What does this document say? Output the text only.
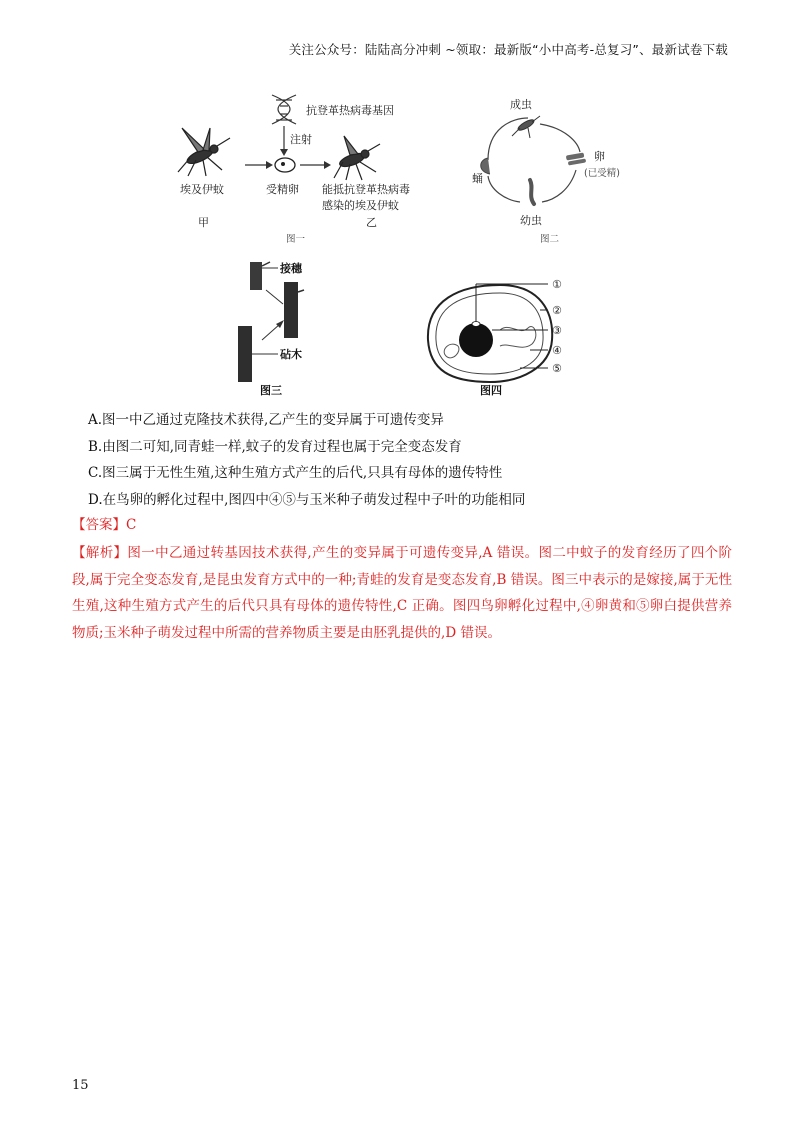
关注公众号：陆陆高分冲刺 ~领取：最新版“小中高考-总复习”、最新试卷下载
抗登革热病毒基因
注射
埃及伊蚊	受精卵 能抵抗登革热病毒
感染的埃及伊蚊
甲	乙
图一
成虫
卵
(已受精)
幼虫
蛹
图二
接穗
砧木
图三
①
②
③
④
⑤
图四

A.图一中乙通过克隆技术获得,乙产生的变异属于可遗传变异

B.由图二可知,同青蛙一样,蚊子的发育过程也属于完全变态发育

C.图三属于无性生殖,这种生殖方式产生的后代,只具有母体的遗传特性

D.在鸟卵的孵化过程中,图四中④⑤与玉米种子萌发过程中子叶的功能相同

【答案】C
【解析】图一中乙通过转基因技术获得,产生的变异属于可遗传变异,A 错误。图二中蚊子的发育经历了四个阶段,属于完全变态发育,是昆虫发育方式中的一种;青蛙的发育是变态发育,B 错误。图三中表示的是嫁接,属于无性生殖,这种生殖方式产生的后代只具有母体的遗传特性,C 正确。图四鸟卵孵化过程中,④卵黄和⑤卵白提供营养物质;玉米种子萌发过程中所需的营养物质主要是由胚乳提供的,D 错误。
15
